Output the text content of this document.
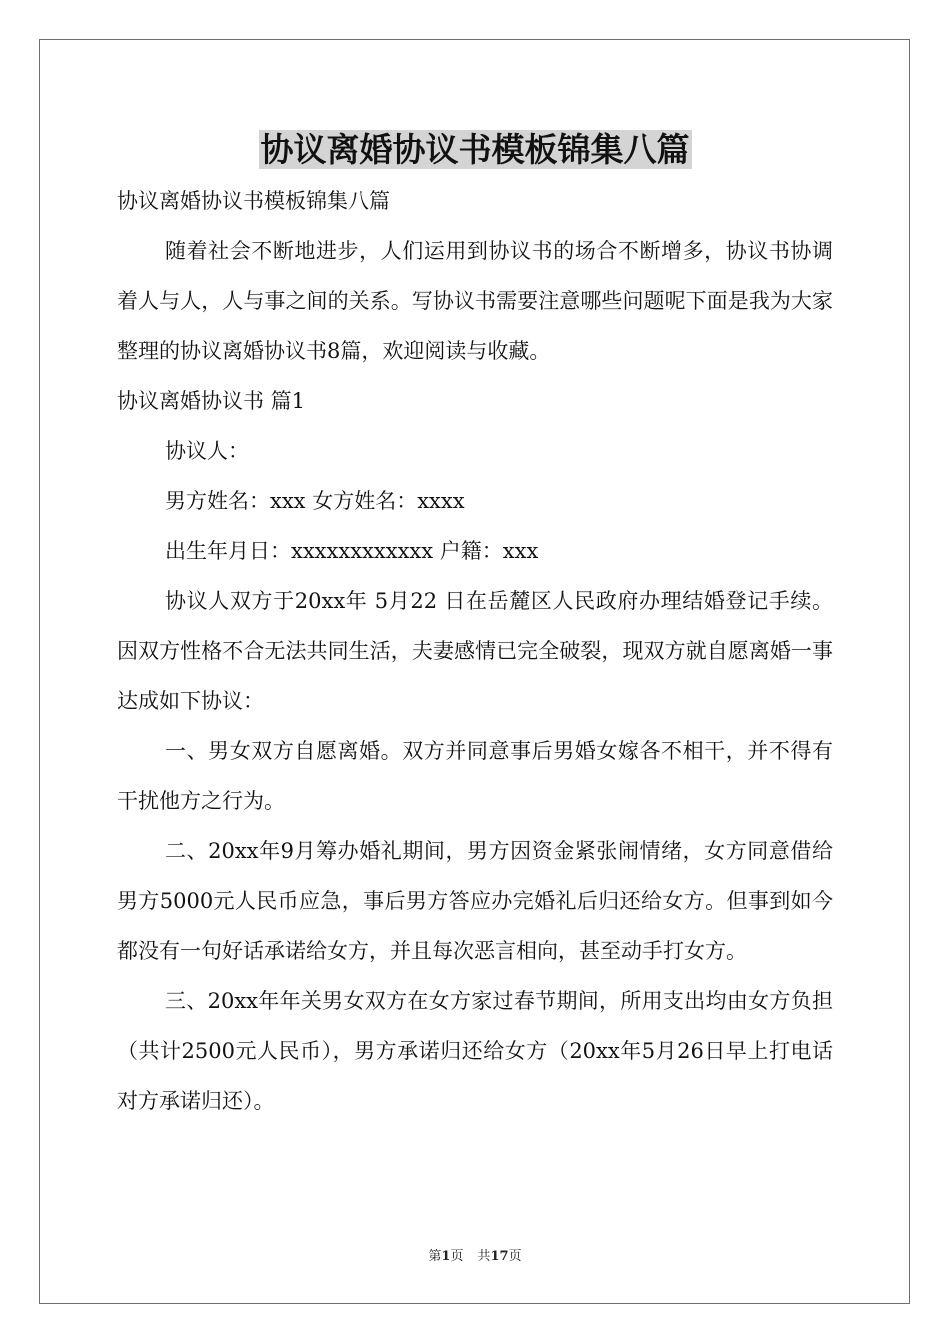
协议离婚协议书模板锦集八篇

协议离婚协议书模板锦集八篇

随着社会不断地进步，人们运用到协议书的场合不断增多，协议书协调着人与人，人与事之间的关系。写协议书需要注意哪些问题呢下面是我为大家整理的协议离婚协议书8篇，欢迎阅读与收藏。

协议离婚协议书 篇1

协议人：

男方姓名：xxx 女方姓名：xxxx

出生年月日：xxxxxxxxxxxx 户籍：xxx

协议人双方于20xx年 5月22 日在岳麓区人民政府办理结婚登记手续。因双方性格不合无法共同生活，夫妻感情已完全破裂，现双方就自愿离婚一事达成如下协议：

一、男女双方自愿离婚。双方并同意事后男婚女嫁各不相干，并不得有干扰他方之行为。

二、20xx年9月筹办婚礼期间，男方因资金紧张闹情绪，女方同意借给男方5000元人民币应急，事后男方答应办完婚礼后归还给女方。但事到如今都没有一句好话承诺给女方，并且每次恶言相向，甚至动手打女方。

三、20xx年年关男女双方在女方家过春节期间，所用支出均由女方负担（共计2500元人民币），男方承诺归还给女方（20xx年5月26日早上打电话对方承诺归还）。

第1页 共17页
